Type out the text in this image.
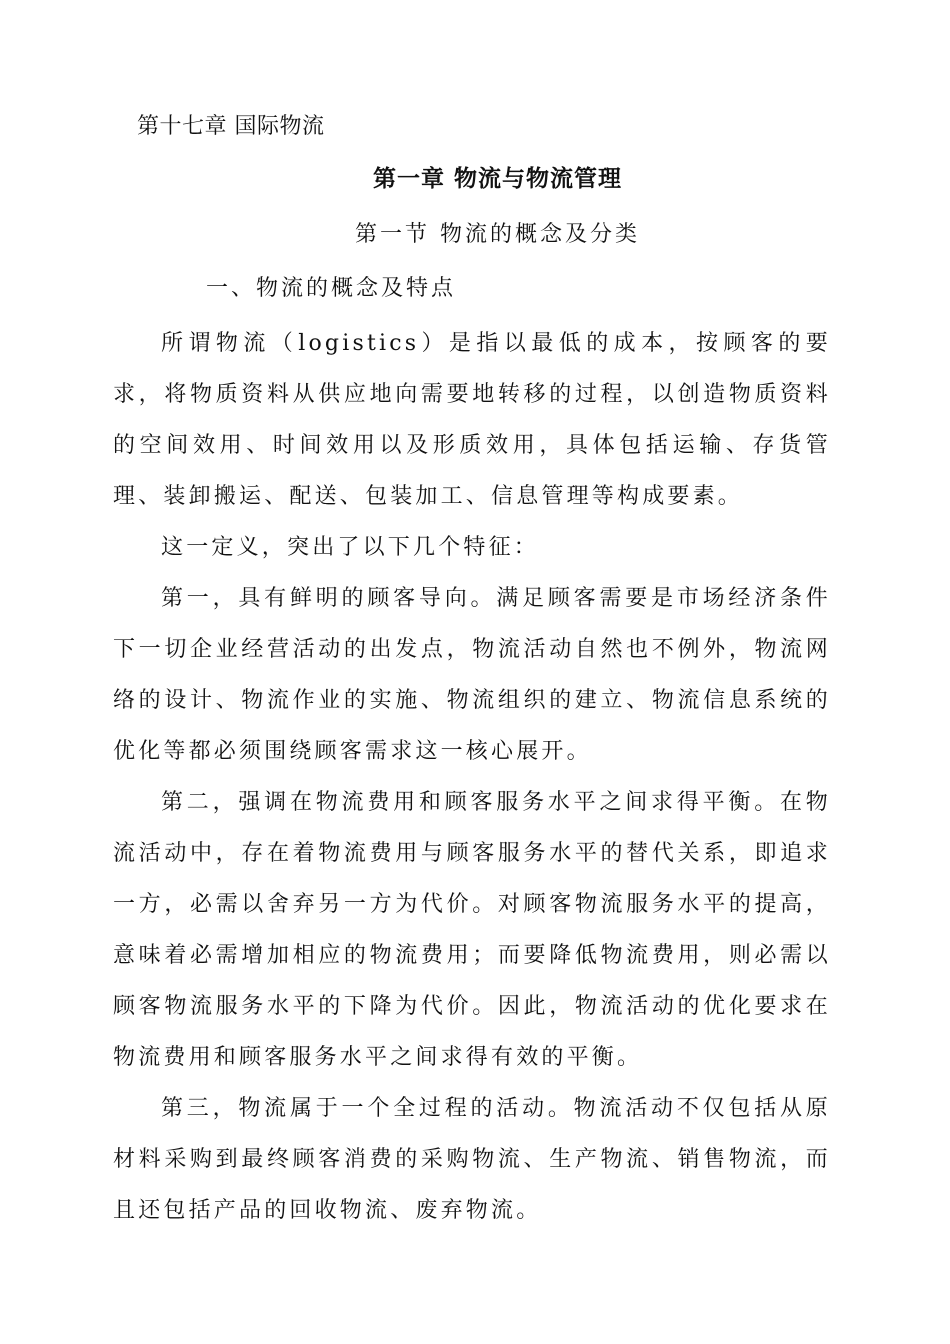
第十七章 国际物流
第一章 物流与物流管理
第一节 物流的概念及分类
一、物流的概念及特点

所谓物流（logistics）是指以最低的成本，按顾客的要求，将物质资料从供应地向需要地转移的过程，以创造物质资料的空间效用、时间效用以及形质效用，具体包括运输、存货管理、装卸搬运、配送、包装加工、信息管理等构成要素。

这一定义，突出了以下几个特征：

第一，具有鲜明的顾客导向。满足顾客需要是市场经济条件下一切企业经营活动的出发点，物流活动自然也不例外，物流网络的设计、物流作业的实施、物流组织的建立、物流信息系统的优化等都必须围绕顾客需求这一核心展开。

第二，强调在物流费用和顾客服务水平之间求得平衡。在物流活动中，存在着物流费用与顾客服务水平的替代关系，即追求一方，必需以舍弃另一方为代价。对顾客物流服务水平的提高，意味着必需增加相应的物流费用；而要降低物流费用，则必需以顾客物流服务水平的下降为代价。因此，物流活动的优化要求在物流费用和顾客服务水平之间求得有效的平衡。

第三，物流属于一个全过程的活动。物流活动不仅包括从原材料采购到最终顾客消费的采购物流、生产物流、销售物流，而且还包括产品的回收物流、废弃物流。
